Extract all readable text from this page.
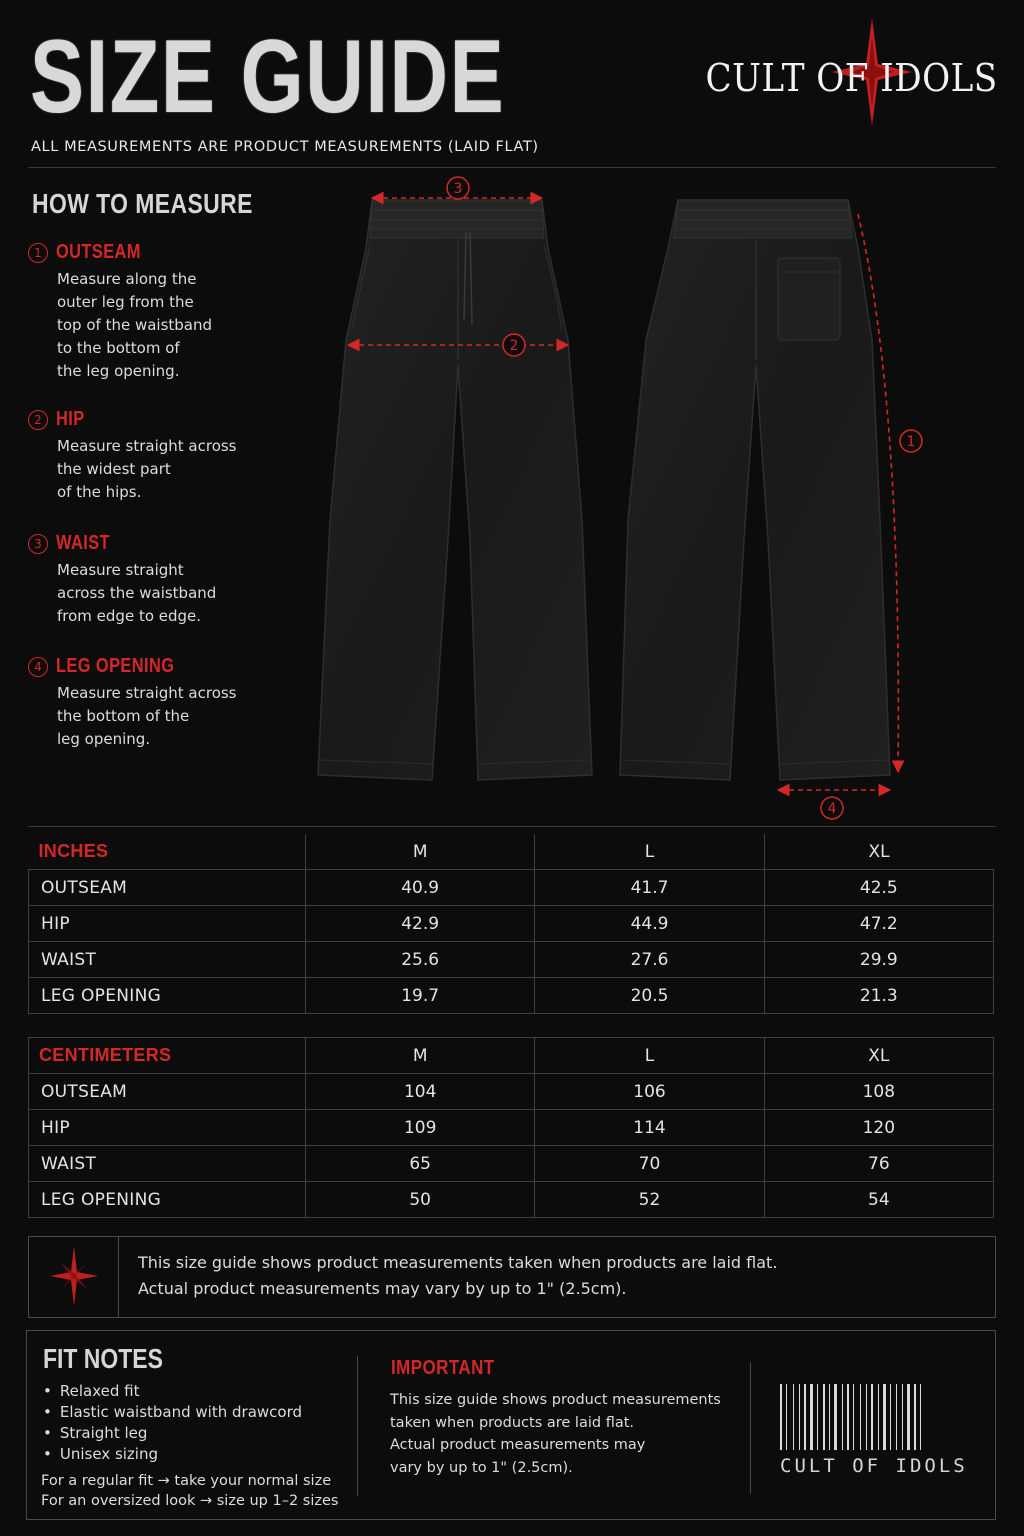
SIZE GUIDE
ALL MEASUREMENTS ARE PRODUCT MEASUREMENTS (LAID FLAT)
CULT OF IDOLS
HOW TO MEASURE
1 OUTSEAM
Measure along the
outer leg from the
top of the waistband
to the bottom of
the leg opening.
2 HIP
Measure straight across
the widest part
of the hips.
3 WAIST
Measure straight
across the waistband
from edge to edge.
4 LEG OPENING
Measure straight across
the bottom of the
leg opening.
3
2
1
4
INCHES	M	L	XL
OUTSEAM	40.9	41.7	42.5
HIP	42.9	44.9	47.2
WAIST	25.6	27.6	29.9
LEG OPENING	19.7	20.5	21.3
CENTIMETERS	M	L	XL
OUTSEAM	104	106	108
HIP	109	114	120
WAIST	65	70	76
LEG OPENING	50	52	54
This size guide shows product measurements taken when products are laid flat.
Actual product measurements may vary by up to 1" (2.5cm).
FIT NOTES
• Relaxed fit
• Elastic waistband with drawcord
• Straight leg
• Unisex sizing
For a regular fit → take your normal size
For an oversized look → size up 1–2 sizes
IMPORTANT
This size guide shows product measurements
taken when products are laid flat.
Actual product measurements may
vary by up to 1" (2.5cm).	CULT OF IDOLS
